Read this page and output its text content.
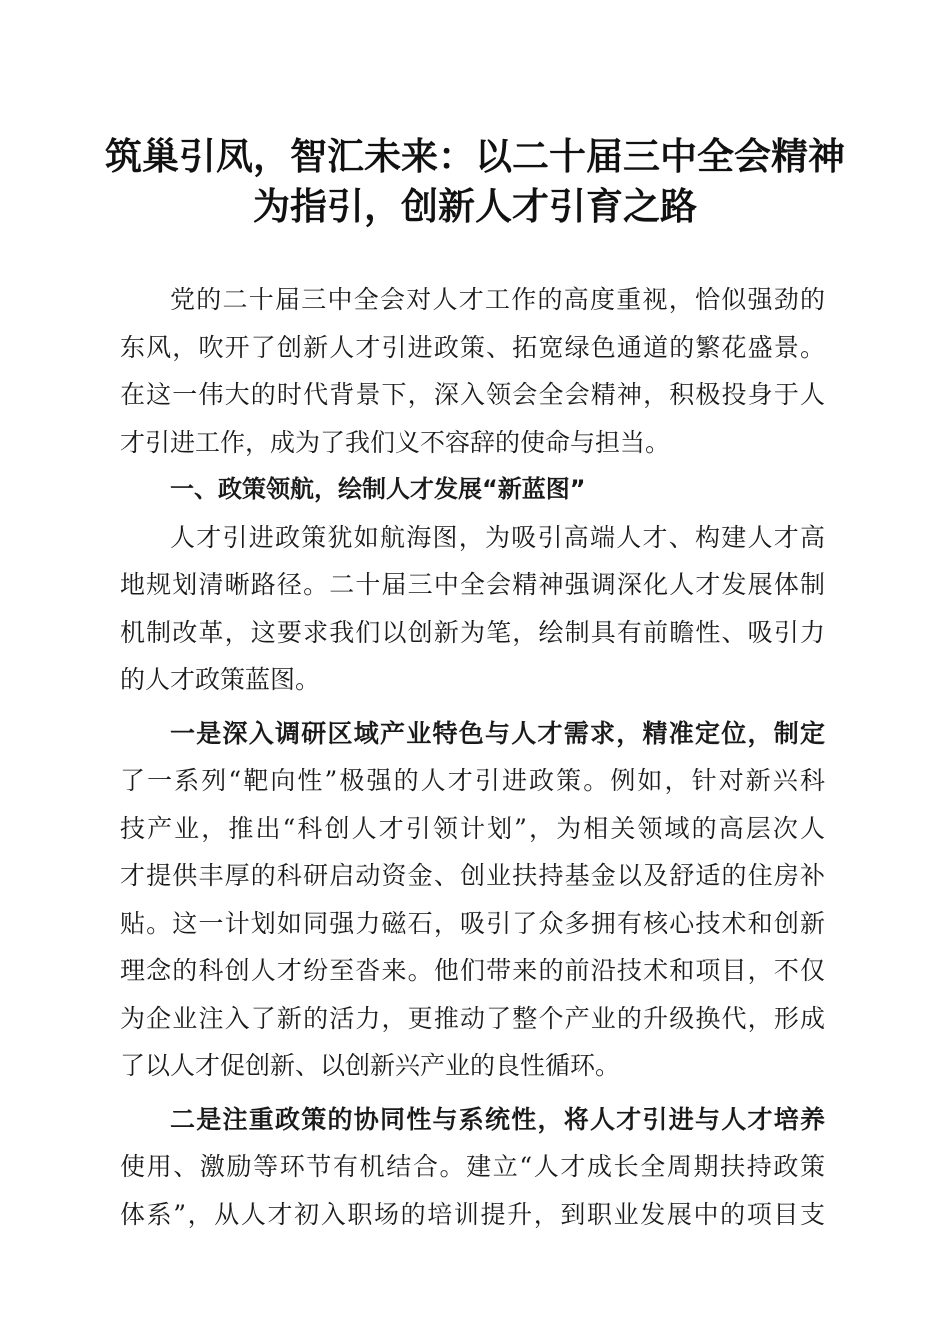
筑巢引凤，智汇未来：以二十届三中全会精神
为指引，创新人才引育之路
党的二十届三中全会对人才工作的高度重视，恰似强劲的
东风，吹开了创新人才引进政策、拓宽绿色通道的繁花盛景。
在这一伟大的时代背景下，深入领会全会精神，积极投身于人
才引进工作，成为了我们义不容辞的使命与担当。
一、政策领航，绘制人才发展“新蓝图”
人才引进政策犹如航海图，为吸引高端人才、构建人才高
地规划清晰路径。二十届三中全会精神强调深化人才发展体制
机制改革，这要求我们以创新为笔，绘制具有前瞻性、吸引力
的人才政策蓝图。
一是深入调研区域产业特色与人才需求，精准定位，制定
了一系列“靶向性”极强的人才引进政策。例如，针对新兴科
技产业，推出“科创人才引领计划”，为相关领域的高层次人
才提供丰厚的科研启动资金、创业扶持基金以及舒适的住房补
贴。这一计划如同强力磁石，吸引了众多拥有核心技术和创新
理念的科创人才纷至沓来。他们带来的前沿技术和项目，不仅
为企业注入了新的活力，更推动了整个产业的升级换代，形成
了以人才促创新、以创新兴产业的良性循环。
二是注重政策的协同性与系统性，将人才引进与人才培养
使用、激励等环节有机结合。建立“人才成长全周期扶持政策
体系”，从人才初入职场的培训提升，到职业发展中的项目支
